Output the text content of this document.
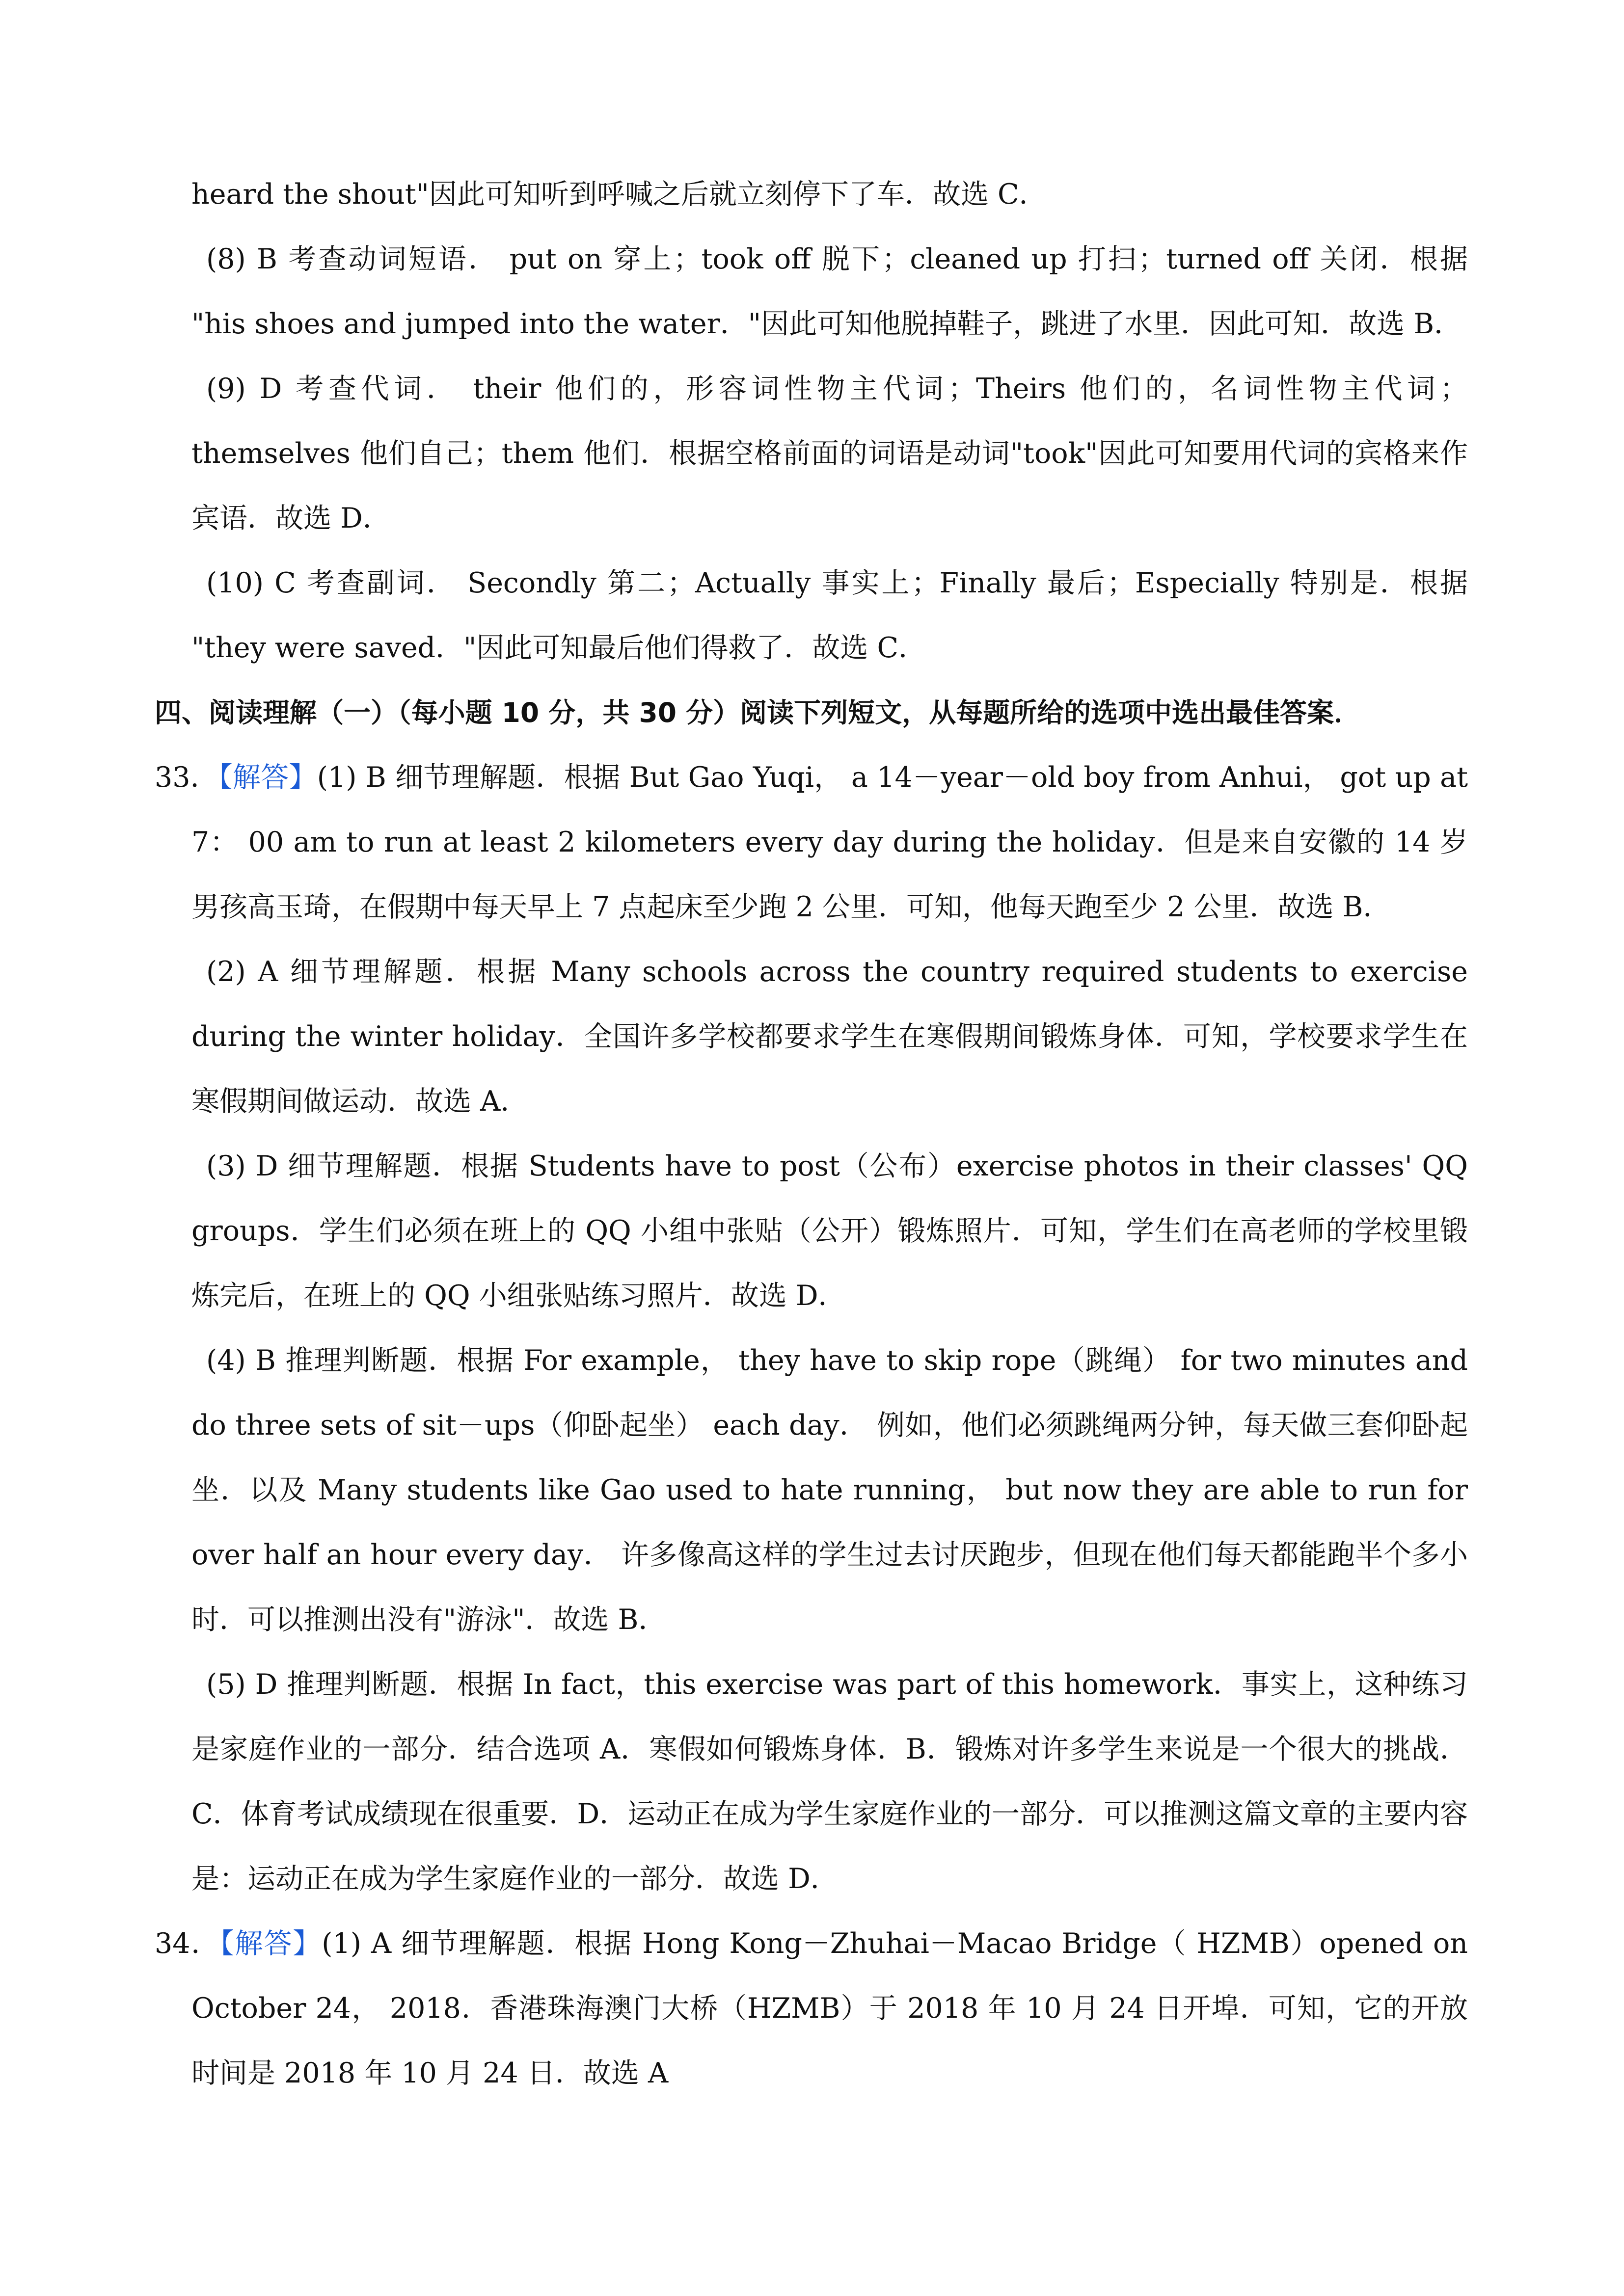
heard the shout"因此可知听到呼喊之后就立刻停下了车．故选 C．

(8) B 考查动词短语． put on 穿上；took off 脱下；cleaned up 打扫；turned off 关闭．根据 "his shoes and jumped into the water．"因此可知他脱掉鞋子，跳进了水里．因此可知．故选 B．

(9) D 考查代词． their 他们的，形容词性物主代词；Theirs 他们的，名词性物主代词；themselves 他们自己；them 他们．根据空格前面的词语是动词"took"因此可知要用代词的宾格来作宾语．故选 D．

(10) C 考查副词． Secondly 第二；Actually 事实上；Finally 最后；Especially 特别是．根据 "they were saved．"因此可知最后他们得救了．故选 C．

四、阅读理解（一）（每小题 10 分，共 30 分）阅读下列短文，从每题所给的选项中选出最佳答案．

33．【解答】(1) B 细节理解题．根据 But Gao Yuqi， a 14－year－old boy from Anhui， got up at 7： 00 am to run at least 2 kilometers every day during the holiday．但是来自安徽的 14 岁男孩高玉琦，在假期中每天早上 7 点起床至少跑 2 公里．可知，他每天跑至少 2 公里．故选 B．

(2) A 细节理解题．根据 Many schools across the country required students to exercise during the winter holiday．全国许多学校都要求学生在寒假期间锻炼身体．可知，学校要求学生在寒假期间做运动．故选 A．

(3) D 细节理解题．根据 Students have to post（公布）exercise photos in their classes' QQ groups．学生们必须在班上的 QQ 小组中张贴（公开）锻炼照片．可知，学生们在高老师的学校里锻炼完后，在班上的 QQ 小组张贴练习照片．故选 D．

(4) B 推理判断题．根据 For example， they have to skip rope（跳绳） for two minutes and do three sets of sit－ups（仰卧起坐） each day． 例如，他们必须跳绳两分钟，每天做三套仰卧起坐．以及 Many students like Gao used to hate running， but now they are able to run for over half an hour every day． 许多像高这样的学生过去讨厌跑步，但现在他们每天都能跑半个多小时．可以推测出没有"游泳"．故选 B．

(5) D 推理判断题．根据 In fact，this exercise was part of this homework．事实上，这种练习是家庭作业的一部分．结合选项 A．寒假如何锻炼身体．B．锻炼对许多学生来说是一个很大的挑战．C．体育考试成绩现在很重要．D．运动正在成为学生家庭作业的一部分．可以推测这篇文章的主要内容是：运动正在成为学生家庭作业的一部分．故选 D．

34．【解答】(1) A 细节理解题．根据 Hong Kong－Zhuhai－Macao Bridge（ HZMB）opened on October 24， 2018．香港珠海澳门大桥（HZMB）于 2018 年 10 月 24 日开埠．可知，它的开放时间是 2018 年 10 月 24 日．故选 A
